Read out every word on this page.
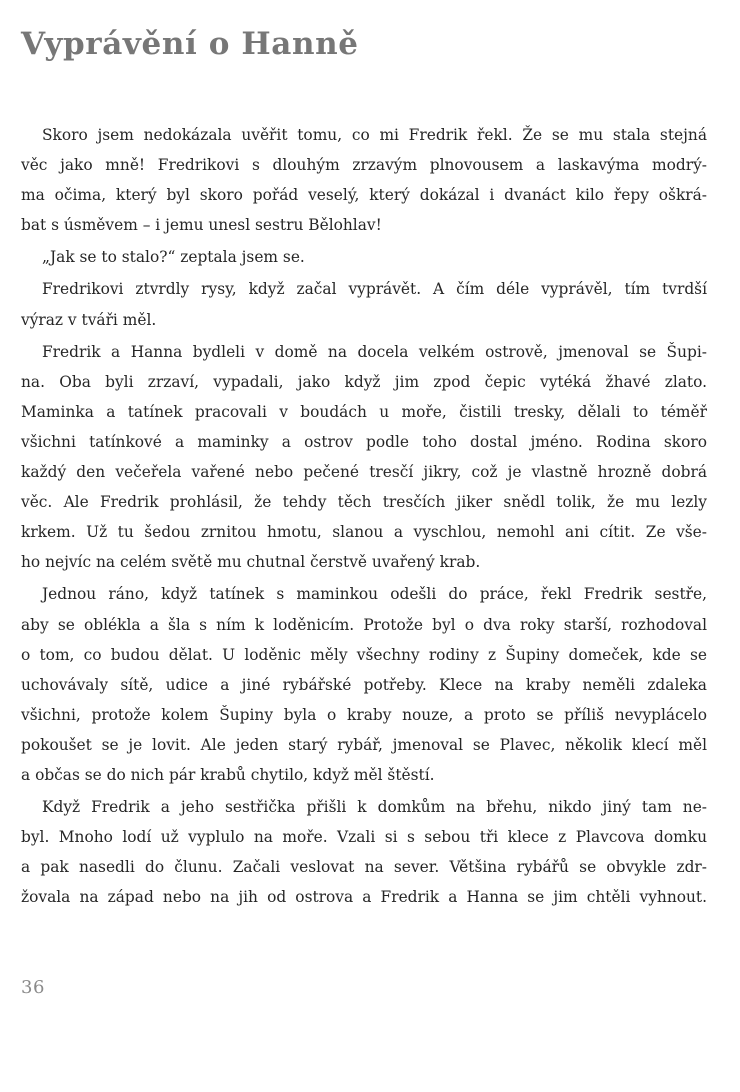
Vyprávění o Hanně

Skoro jsem nedokázala uvěřit tomu, co mi Fredrik řekl. Že se mu stala stejná
věc jako mně! Fredrikovi s dlouhým zrzavým plnovousem a laskavýma modrý-
ma očima, který byl skoro pořád veselý, který dokázal i dvanáct kilo řepy oškrá-
bat s úsměvem – i jemu unesl sestru Bělohlav!

„Jak se to stalo?“ zeptala jsem se.

Fredrikovi ztvrdly rysy, když začal vyprávět. A čím déle vyprávěl, tím tvrdší
výraz v tváři měl.

Fredrik a Hanna bydleli v domě na docela velkém ostrově, jmenoval se Šupi-
na. Oba byli zrzaví, vypadali, jako když jim zpod čepic vytéká žhavé zlato.
Maminka a tatínek pracovali v boudách u moře, čistili tresky, dělali to téměř
všichni tatínkové a maminky a ostrov podle toho dostal jméno. Rodina skoro
každý den večeřela vařené nebo pečené tresčí jikry, což je vlastně hrozně dobrá
věc. Ale Fredrik prohlásil, že tehdy těch tresčích jiker snědl tolik, že mu lezly
krkem. Už tu šedou zrnitou hmotu, slanou a vyschlou, nemohl ani cítit. Ze vše-
ho nejvíc na celém světě mu chutnal čerstvě uvařený krab.

Jednou ráno, když tatínek s maminkou odešli do práce, řekl Fredrik sestře,
aby se oblékla a šla s ním k loděnicím. Protože byl o dva roky starší, rozhodoval
o tom, co budou dělat. U loděnic měly všechny rodiny z Šupiny domeček, kde se
uchovávaly sítě, udice a jiné rybářské potřeby. Klece na kraby neměli zdaleka
všichni, protože kolem Šupiny byla o kraby nouze, a proto se příliš nevyplácelo
pokoušet se je lovit. Ale jeden starý rybář, jmenoval se Plavec, několik klecí měl
a občas se do nich pár krabů chytilo, když měl štěstí.

Když Fredrik a jeho sestřička přišli k domkům na břehu, nikdo jiný tam ne-
byl. Mnoho lodí už vyplulo na moře. Vzali si s sebou tři klece z Plavcova domku
a pak nasedli do člunu. Začali veslovat na sever. Většina rybářů se obvykle zdr-
žovala na západ nebo na jih od ostrova a Fredrik a Hanna se jim chtěli vyhnout.

36
